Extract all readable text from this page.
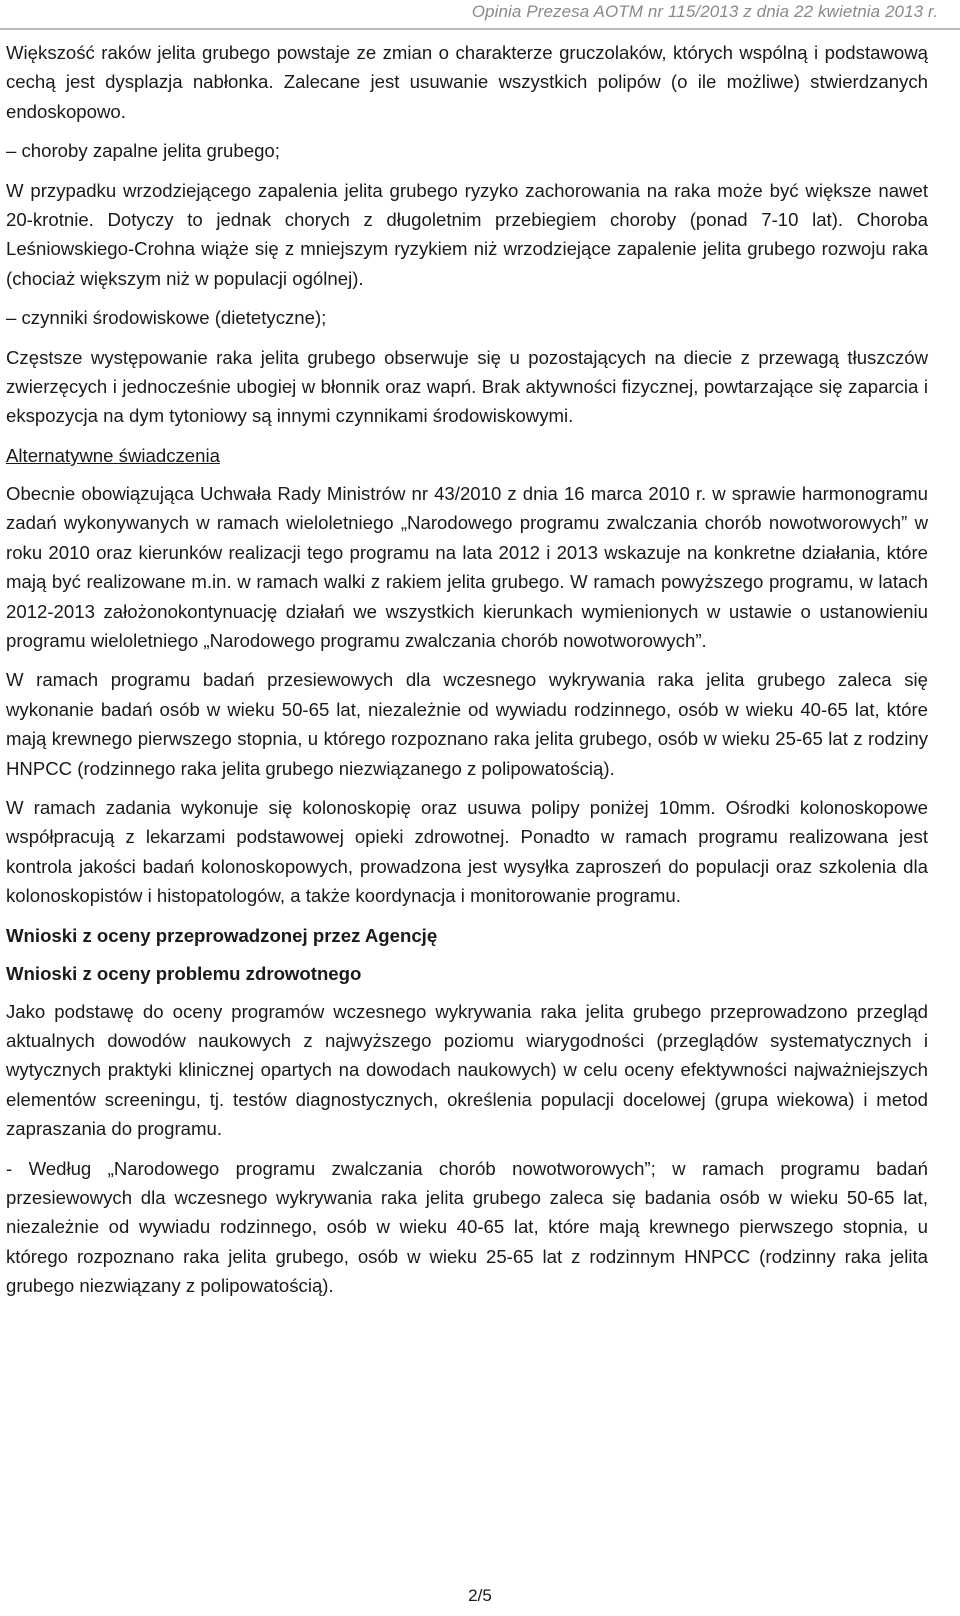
Opinia Prezesa AOTM nr 115/2013 z dnia 22 kwietnia 2013 r.

Większość raków jelita grubego powstaje ze zmian o charakterze gruczolaków, których wspólną i podstawową cechą jest dysplazja nabłonka. Zalecane jest usuwanie wszystkich polipów (o ile możliwe) stwierdzanych endoskopowo.

– choroby zapalne jelita grubego;

W przypadku wrzodziejącego zapalenia jelita grubego ryzyko zachorowania na raka może być większe nawet 20-krotnie. Dotyczy to jednak chorych z długoletnim przebiegiem choroby (ponad 7-10 lat). Choroba Leśniowskiego-Crohna wiąże się z mniejszym ryzykiem niż wrzodziejące zapalenie jelita grubego rozwoju raka (chociaż większym niż w populacji ogólnej).

– czynniki środowiskowe (dietetyczne);

Częstsze występowanie raka jelita grubego obserwuje się u pozostających na diecie z przewagą tłuszczów zwierzęcych i jednocześnie ubogiej w błonnik oraz wapń. Brak aktywności fizycznej, powtarzające się zaparcia i ekspozycja na dym tytoniowy są innymi czynnikami środowiskowymi.

Alternatywne świadczenia

Obecnie obowiązująca Uchwała Rady Ministrów nr 43/2010 z dnia 16 marca 2010 r. w sprawie harmonogramu zadań wykonywanych w ramach wieloletniego „Narodowego programu zwalczania chorób nowotworowych” w roku 2010 oraz kierunków realizacji tego programu na lata 2012 i 2013 wskazuje na konkretne działania, które mają być realizowane m.in. w ramach walki z rakiem jelita grubego. W ramach powyższego programu, w latach 2012-2013 założonokontynuację działań we wszystkich kierunkach wymienionych w ustawie o ustanowieniu programu wieloletniego „Narodowego programu zwalczania chorób nowotworowych”.

W ramach programu badań przesiewowych dla wczesnego wykrywania raka jelita grubego zaleca się wykonanie badań osób w wieku 50-65 lat, niezależnie od wywiadu rodzinnego, osób w wieku 40-65 lat, które mają krewnego pierwszego stopnia, u którego rozpoznano raka jelita grubego, osób w wieku 25-65 lat z rodziny HNPCC (rodzinnego raka jelita grubego niezwiązanego z polipowatością).

W ramach zadania wykonuje się kolonoskopię oraz usuwa polipy poniżej 10mm. Ośrodki kolonoskopowe współpracują z lekarzami podstawowej opieki zdrowotnej. Ponadto w ramach programu realizowana jest kontrola jakości badań kolonoskopowych, prowadzona jest wysyłka zaproszeń do populacji oraz szkolenia dla kolonoskopistów i histopatologów, a także koordynacja i monitorowanie programu.

Wnioski z oceny przeprowadzonej przez Agencję
Wnioski z oceny problemu zdrowotnego

Jako podstawę do oceny programów wczesnego wykrywania raka jelita grubego przeprowadzono przegląd aktualnych dowodów naukowych z najwyższego poziomu wiarygodności (przeglądów systematycznych i wytycznych praktyki klinicznej opartych na dowodach naukowych) w celu oceny efektywności najważniejszych elementów screeningu, tj. testów diagnostycznych, określenia populacji docelowej (grupa wiekowa) i metod zapraszania do programu.

- Według „Narodowego programu zwalczania chorób nowotworowych”; w ramach programu badań przesiewowych dla wczesnego wykrywania raka jelita grubego zaleca się badania osób w wieku 50-65 lat, niezależnie od wywiadu rodzinnego, osób w wieku 40-65 lat, które mają krewnego pierwszego stopnia, u którego rozpoznano raka jelita grubego, osób w wieku 25-65 lat z rodzinnym HNPCC (rodzinny raka jelita grubego niezwiązany z polipowatością).

2/5
